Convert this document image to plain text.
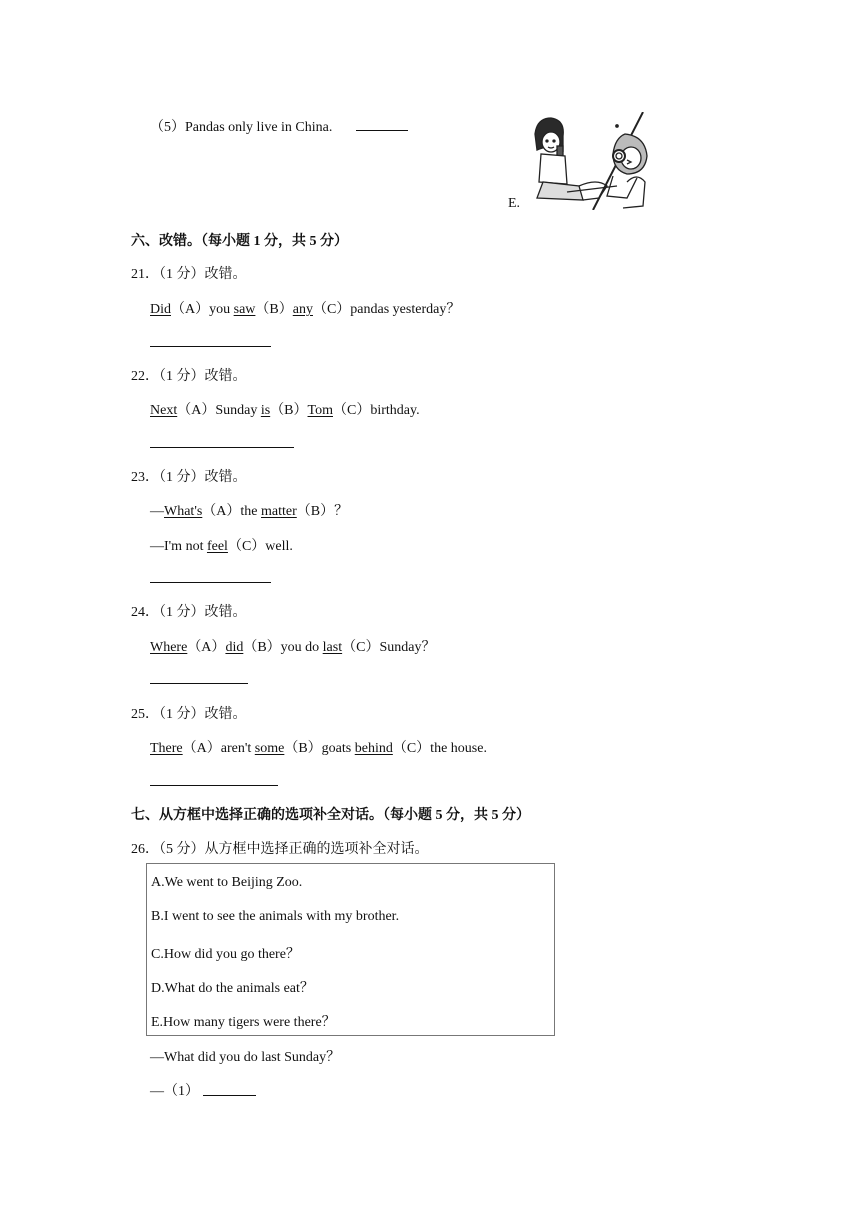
（5）Pandas only live in China.
E.
六、改错。（每小题 1 分，共 5 分）
21．（1 分）改错。
Did（A）you saw（B）any（C）pandas yesterday？
22．（1 分）改错。
Next（A）Sunday is（B）Tom（C）birthday.
23．（1 分）改错。
—What's（A）the matter（B）？
—I'm not feel（C）well.
24．（1 分）改错。
Where（A）did（B）you do last（C）Sunday？
25．（1 分）改错。
There（A）aren't some（B）goats behind（C）the house.
七、从方框中选择正确的选项补全对话。（每小题 5 分，共 5 分）
26．（5 分）从方框中选择正确的选项补全对话。
A.We went to Beijing Zoo.
B.I went to see the animals with my brother.
C.How did you go there？
D.What do the animals eat？
E.How many tigers were there？
—What did you do last Sunday？
—（1）
